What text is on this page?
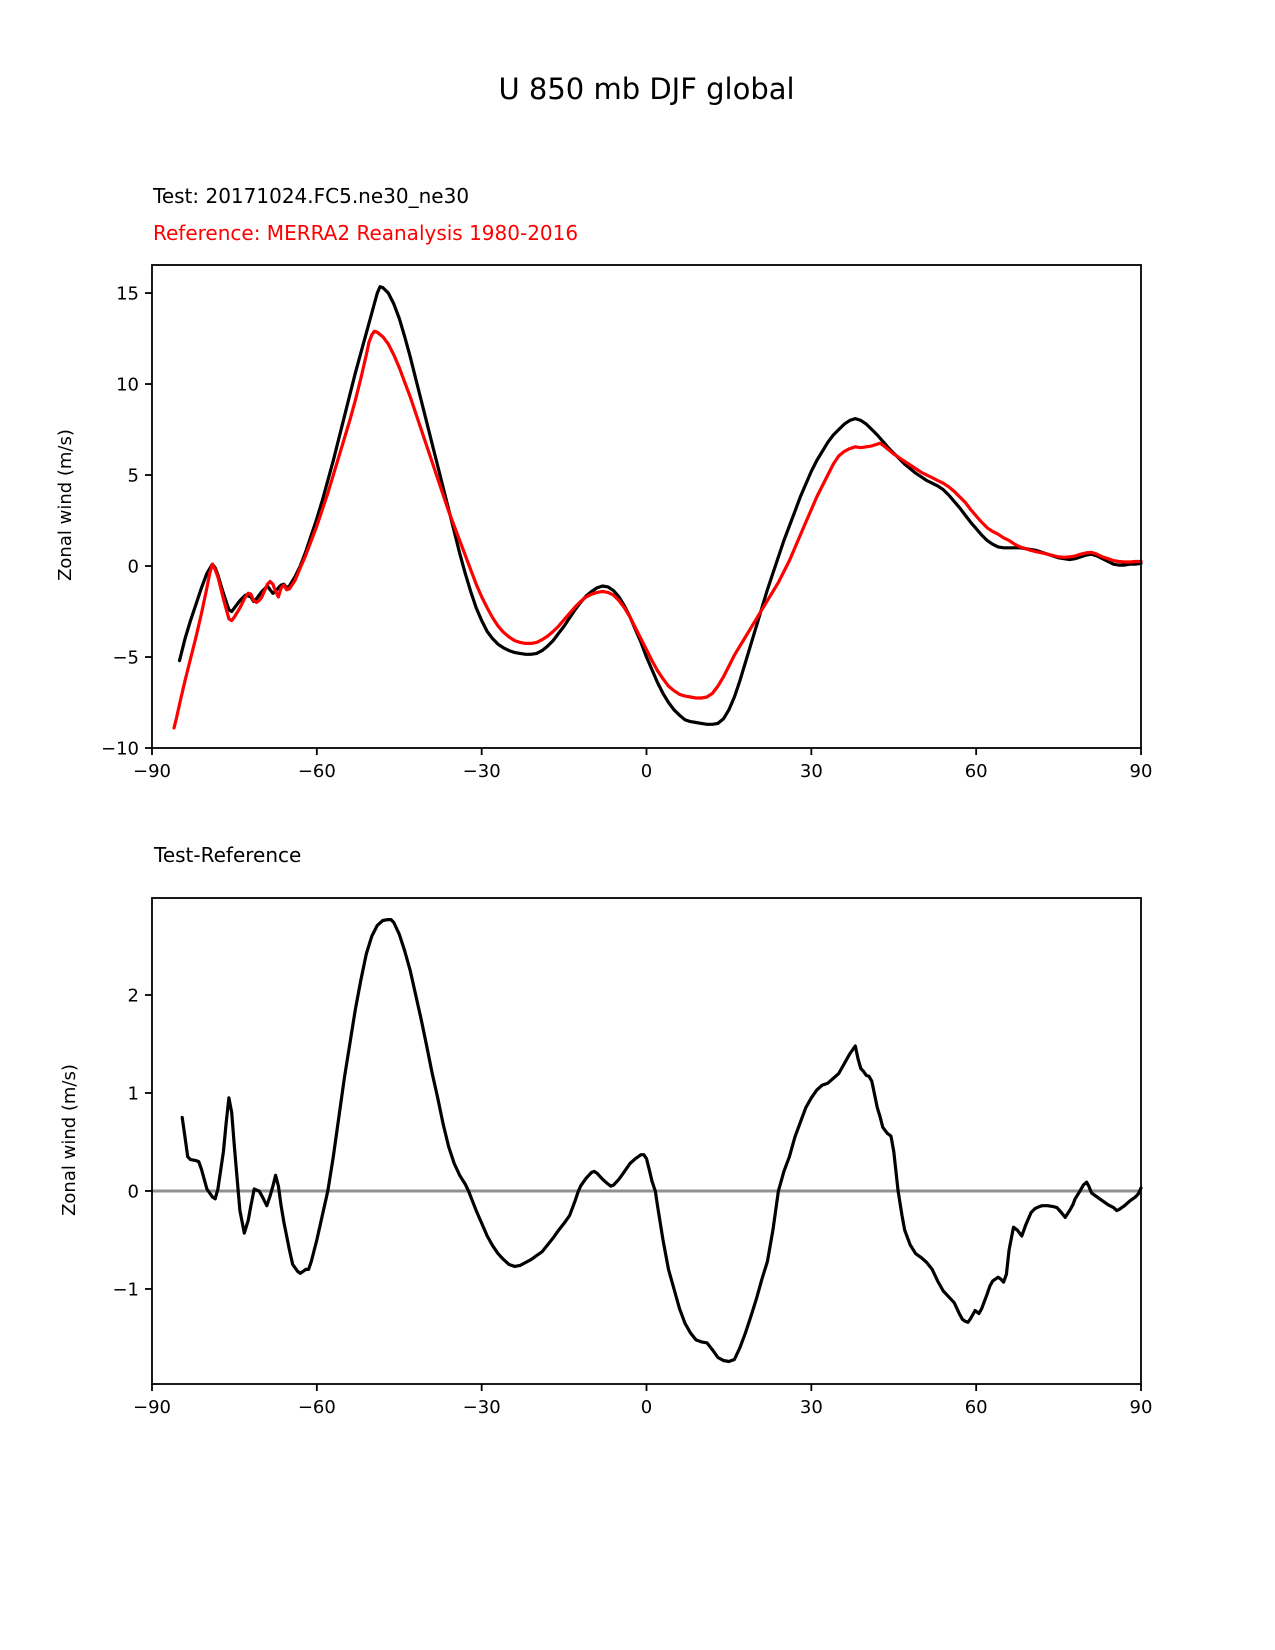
U 850 mb DJF global
Test: 20171024.FC5.ne30_ne30
Reference: MERRA2 Reanalysis 1980-2016
Zonal wind (m/s)
−90	−60	−30	0	30	60	90
15
10
5
0
−5
−10
Test-Reference
Zonal wind (m/s)
−90	−60	−30	0	30	60	90
2
1
0
−1
